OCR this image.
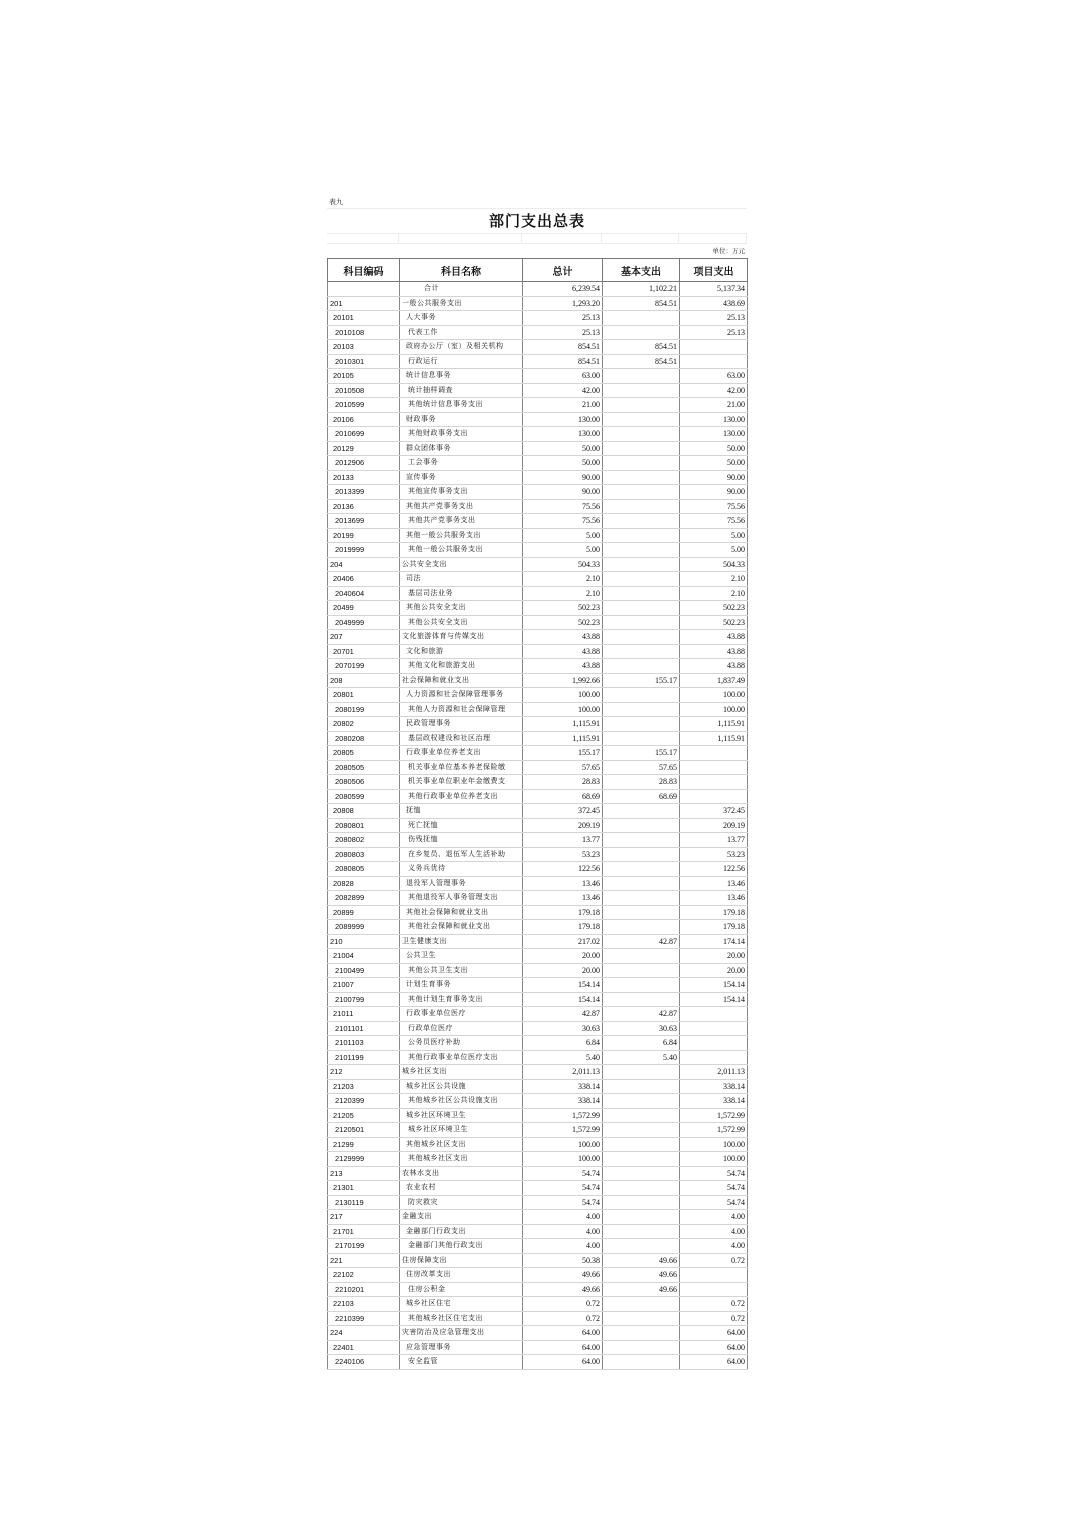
表九
部门支出总表
单位：万元
科目编码	科目名称	总计	基本支出	项目支出
	合计	6,239.54	1,102.21	5,137.34
201	一般公共服务支出	1,293.20	854.51	438.69
20101	人大事务	25.13		25.13
2010108	代表工作	25.13		25.13
20103	政府办公厅（室）及相关机构	854.51	854.51	
2010301	行政运行	854.51	854.51	
20105	统计信息事务	63.00		63.00
2010508	统计抽样调查	42.00		42.00
2010599	其他统计信息事务支出	21.00		21.00
20106	财政事务	130.00		130.00
2010699	其他财政事务支出	130.00		130.00
20129	群众团体事务	50.00		50.00
2012906	工会事务	50.00		50.00
20133	宣传事务	90.00		90.00
2013399	其他宣传事务支出	90.00		90.00
20136	其他共产党事务支出	75.56		75.56
2013699	其他共产党事务支出	75.56		75.56
20199	其他一般公共服务支出	5.00		5.00
2019999	其他一般公共服务支出	5.00		5.00
204	公共安全支出	504.33		504.33
20406	司法	2.10		2.10
2040604	基层司法业务	2.10		2.10
20499	其他公共安全支出	502.23		502.23
2049999	其他公共安全支出	502.23		502.23
207	文化旅游体育与传媒支出	43.88		43.88
20701	文化和旅游	43.88		43.88
2070199	其他文化和旅游支出	43.88		43.88
208	社会保障和就业支出	1,992.66	155.17	1,837.49
20801	人力资源和社会保障管理事务	100.00		100.00
2080199	其他人力资源和社会保障管理	100.00		100.00
20802	民政管理事务	1,115.91		1,115.91
2080208	基层政权建设和社区治理	1,115.91		1,115.91
20805	行政事业单位养老支出	155.17	155.17	
2080505	机关事业单位基本养老保险缴	57.65	57.65	
2080506	机关事业单位职业年金缴费支	28.83	28.83	
2080599	其他行政事业单位养老支出	68.69	68.69	
20808	抚恤	372.45		372.45
2080801	死亡抚恤	209.19		209.19
2080802	伤残抚恤	13.77		13.77
2080803	在乡复员、退伍军人生活补助	53.23		53.23
2080805	义务兵优待	122.56		122.56
20828	退役军人管理事务	13.46		13.46
2082899	其他退役军人事务管理支出	13.46		13.46
20899	其他社会保障和就业支出	179.18		179.18
2089999	其他社会保障和就业支出	179.18		179.18
210	卫生健康支出	217.02	42.87	174.14
21004	公共卫生	20.00		20.00
2100499	其他公共卫生支出	20.00		20.00
21007	计划生育事务	154.14		154.14
2100799	其他计划生育事务支出	154.14		154.14
21011	行政事业单位医疗	42.87	42.87	
2101101	行政单位医疗	30.63	30.63	
2101103	公务员医疗补助	6.84	6.84	
2101199	其他行政事业单位医疗支出	5.40	5.40	
212	城乡社区支出	2,011.13		2,011.13
21203	城乡社区公共设施	338.14		338.14
2120399	其他城乡社区公共设施支出	338.14		338.14
21205	城乡社区环境卫生	1,572.99		1,572.99
2120501	城乡社区环境卫生	1,572.99		1,572.99
21299	其他城乡社区支出	100.00		100.00
2129999	其他城乡社区支出	100.00		100.00
213	农林水支出	54.74		54.74
21301	农业农村	54.74		54.74
2130119	防灾救灾	54.74		54.74
217	金融支出	4.00		4.00
21701	金融部门行政支出	4.00		4.00
2170199	金融部门其他行政支出	4.00		4.00
221	住房保障支出	50.38	49.66	0.72
22102	住房改革支出	49.66	49.66	
2210201	住房公积金	49.66	49.66	
22103	城乡社区住宅	0.72		0.72
2210399	其他城乡社区住宅支出	0.72		0.72
224	灾害防治及应急管理支出	64.00		64.00
22401	应急管理事务	64.00		64.00
2240106	安全监管	64.00		64.00
